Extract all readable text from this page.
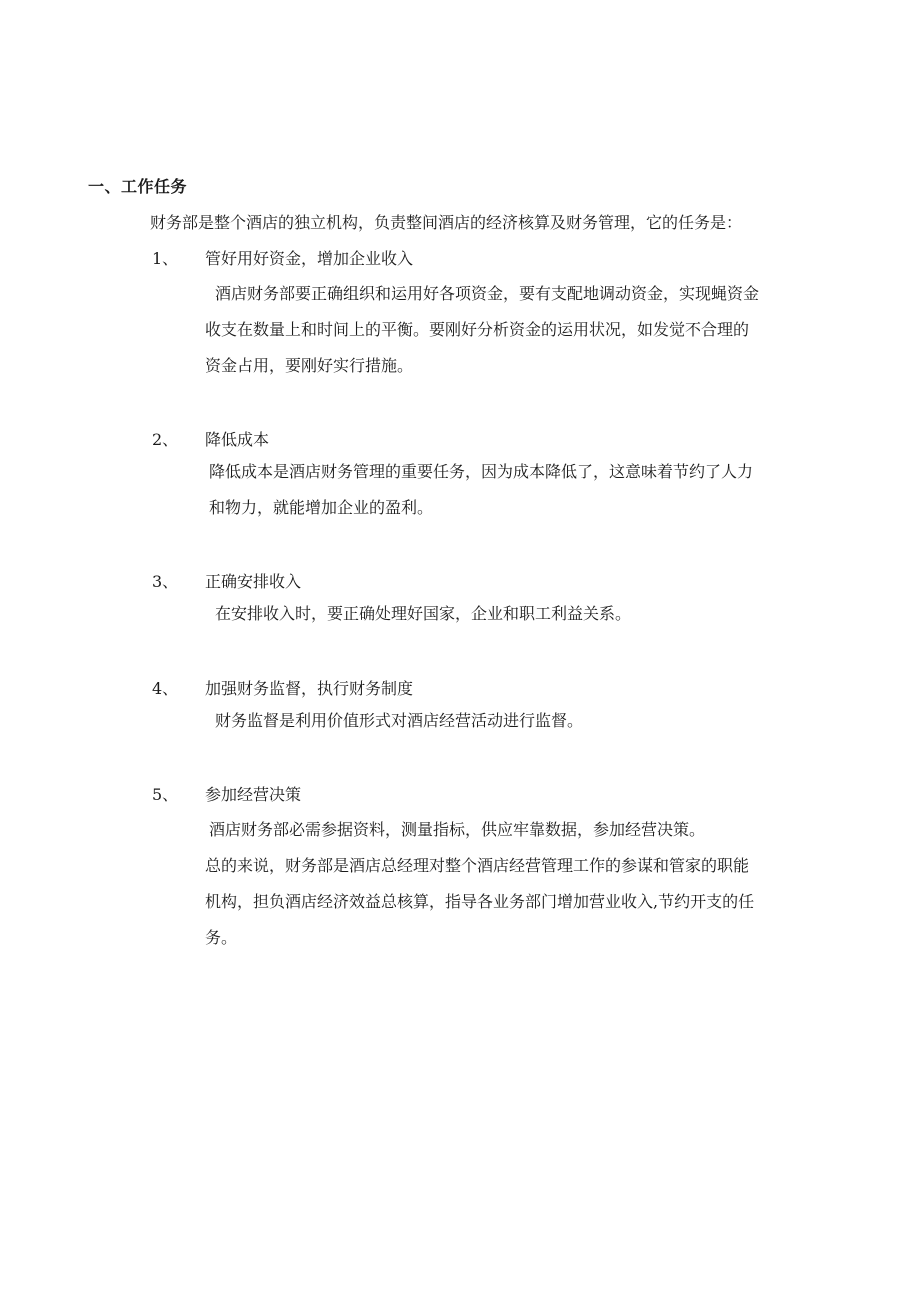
一、工作任务
财务部是整个酒店的独立机构，负责整间酒店的经济核算及财务管理，它的任务是：
1、 管好用好资金，增加企业收入
酒店财务部要正确组织和运用好各项资金，要有支配地调动资金，实现蝇资金
收支在数量上和时间上的平衡。要刚好分析资金的运用状况，如发觉不合理的
资金占用，要刚好实行措施。
2、 降低成本
降低成本是酒店财务管理的重要任务，因为成本降低了，这意味着节约了人力
和物力，就能增加企业的盈利。
3、 正确安排收入
在安排收入时，要正确处理好国家，企业和职工利益关系。
4、 加强财务监督，执行财务制度
财务监督是利用价值形式对酒店经营活动进行监督。
5、 参加经营决策
酒店财务部必需参据资料，测量指标，供应牢靠数据，参加经营决策。
总的来说，财务部是酒店总经理对整个酒店经营管理工作的参谋和管家的职能
机构，担负酒店经济效益总核算，指导各业务部门增加营业收入,节约开支的任
务。
